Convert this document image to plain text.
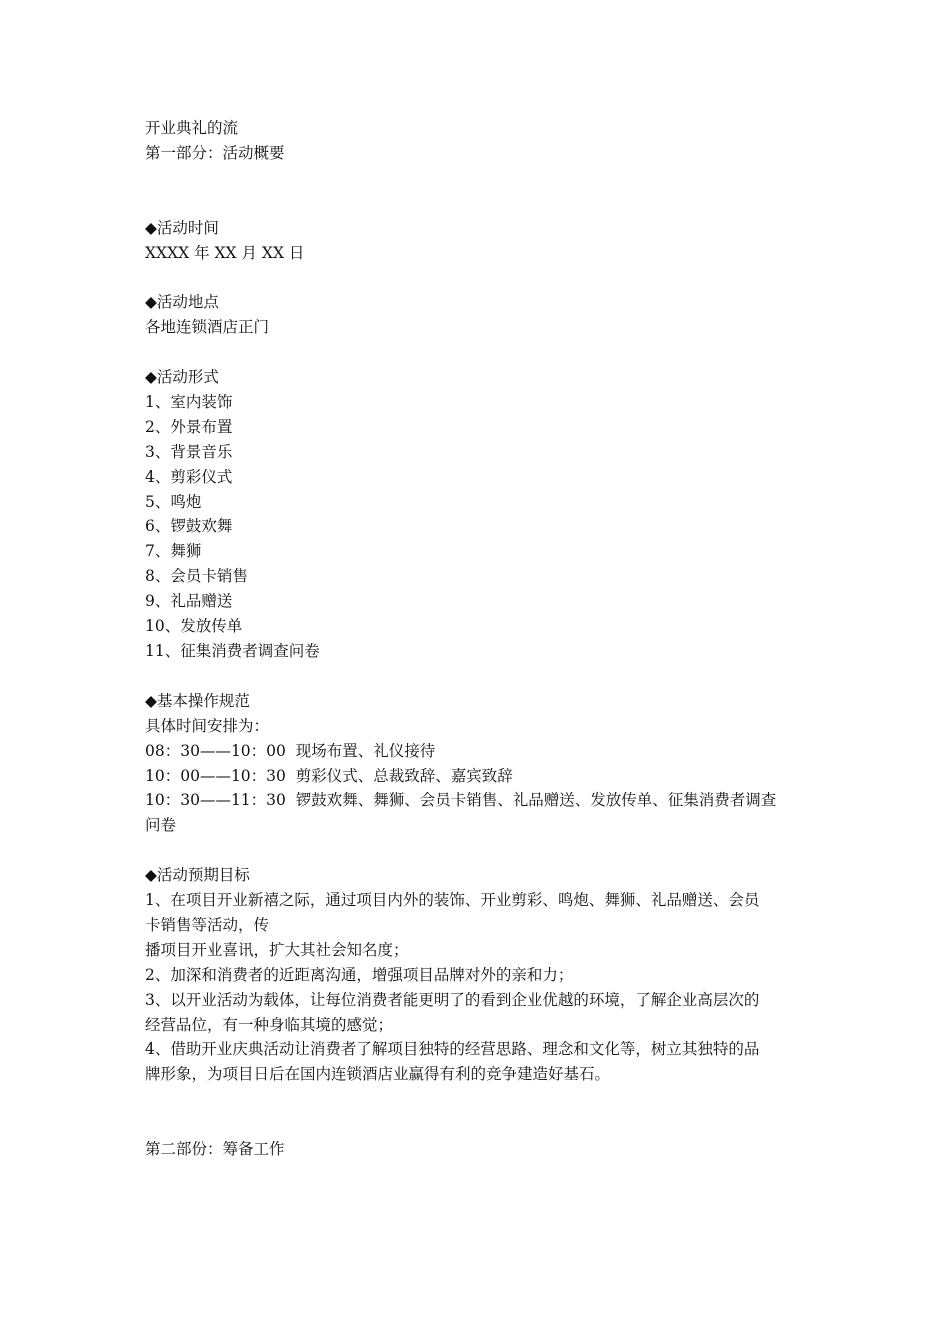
开业典礼的流
第一部分：活动概要
◆活动时间
XXXX 年 XX 月 XX 日
◆活动地点
各地连锁酒店正门
◆活动形式
1、室内装饰
2、外景布置
3、背景音乐
4、剪彩仪式
5、鸣炮
6、锣鼓欢舞
7、舞狮
8、会员卡销售
9、礼品赠送
10、发放传单
11、征集消费者调查问卷
◆基本操作规范
具体时间安排为：
08：30——10：00  现场布置、礼仪接待
10：00——10：30  剪彩仪式、总裁致辞、嘉宾致辞
10：30——11：30  锣鼓欢舞、舞狮、会员卡销售、礼品赠送、发放传单、征集消费者调查
问卷
◆活动预期目标
1、在项目开业新禧之际，通过项目内外的装饰、开业剪彩、鸣炮、舞狮、礼品赠送、会员
卡销售等活动，传
播项目开业喜讯，扩大其社会知名度；
2、加深和消费者的近距离沟通，增强项目品牌对外的亲和力；
3、以开业活动为载体，让每位消费者能更明了的看到企业优越的环境，了解企业高层次的
经营品位，有一种身临其境的感觉；
4、借助开业庆典活动让消费者了解项目独特的经营思路、理念和文化等，树立其独特的品
牌形象，为项目日后在国内连锁酒店业赢得有利的竞争建造好基石。
第二部份：筹备工作
